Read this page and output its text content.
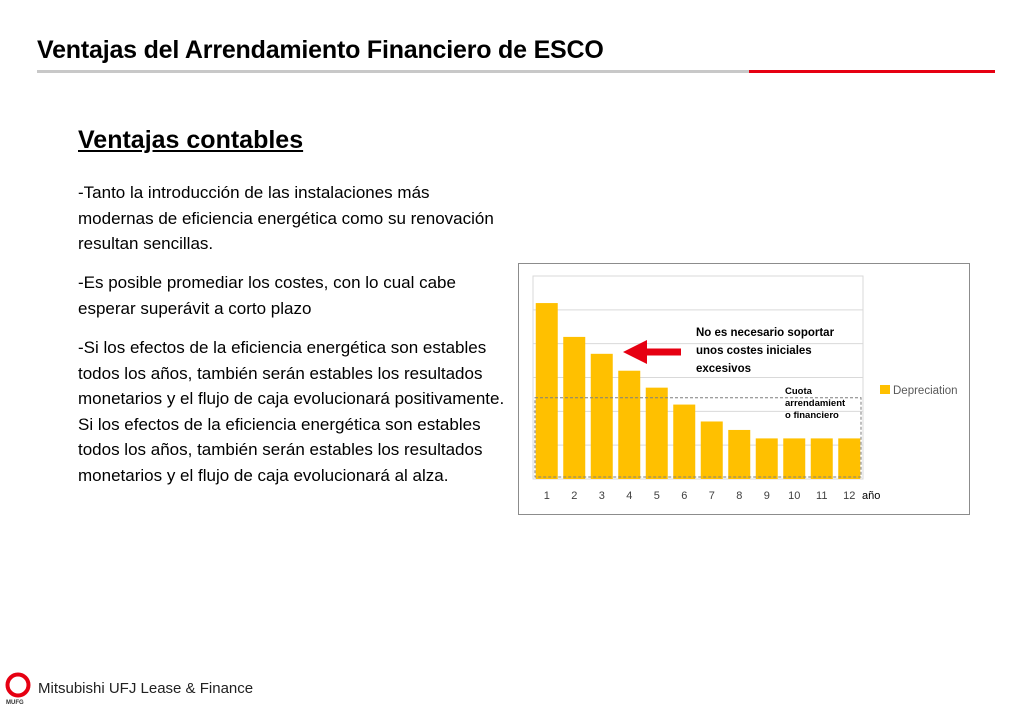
Ventajas del Arrendamiento Financiero de ESCO
Ventajas contables

-Tanto la introducción de las instalaciones más modernas de eficiencia energética como su renovación resultan sencillas.

-Es posible promediar los costes, con lo cual cabe esperar superávit a corto plazo

-Si los efectos de la eficiencia energética son estables todos los años, también serán estables los resultados monetarios y el flujo de caja evolucionará positivamente. Si los efectos de la eficiencia energética son estables todos los años, también serán estables los resultados monetarios y el flujo de caja evolucionará al alza.

1 2 3 4 5 6 7 8 9 10 11 12 año
No es necesario soportar unos costes iniciales excesivos
Cuota arrendamient o financiero
Depreciation
MUFG
Mitsubishi UFJ Lease & Finance
